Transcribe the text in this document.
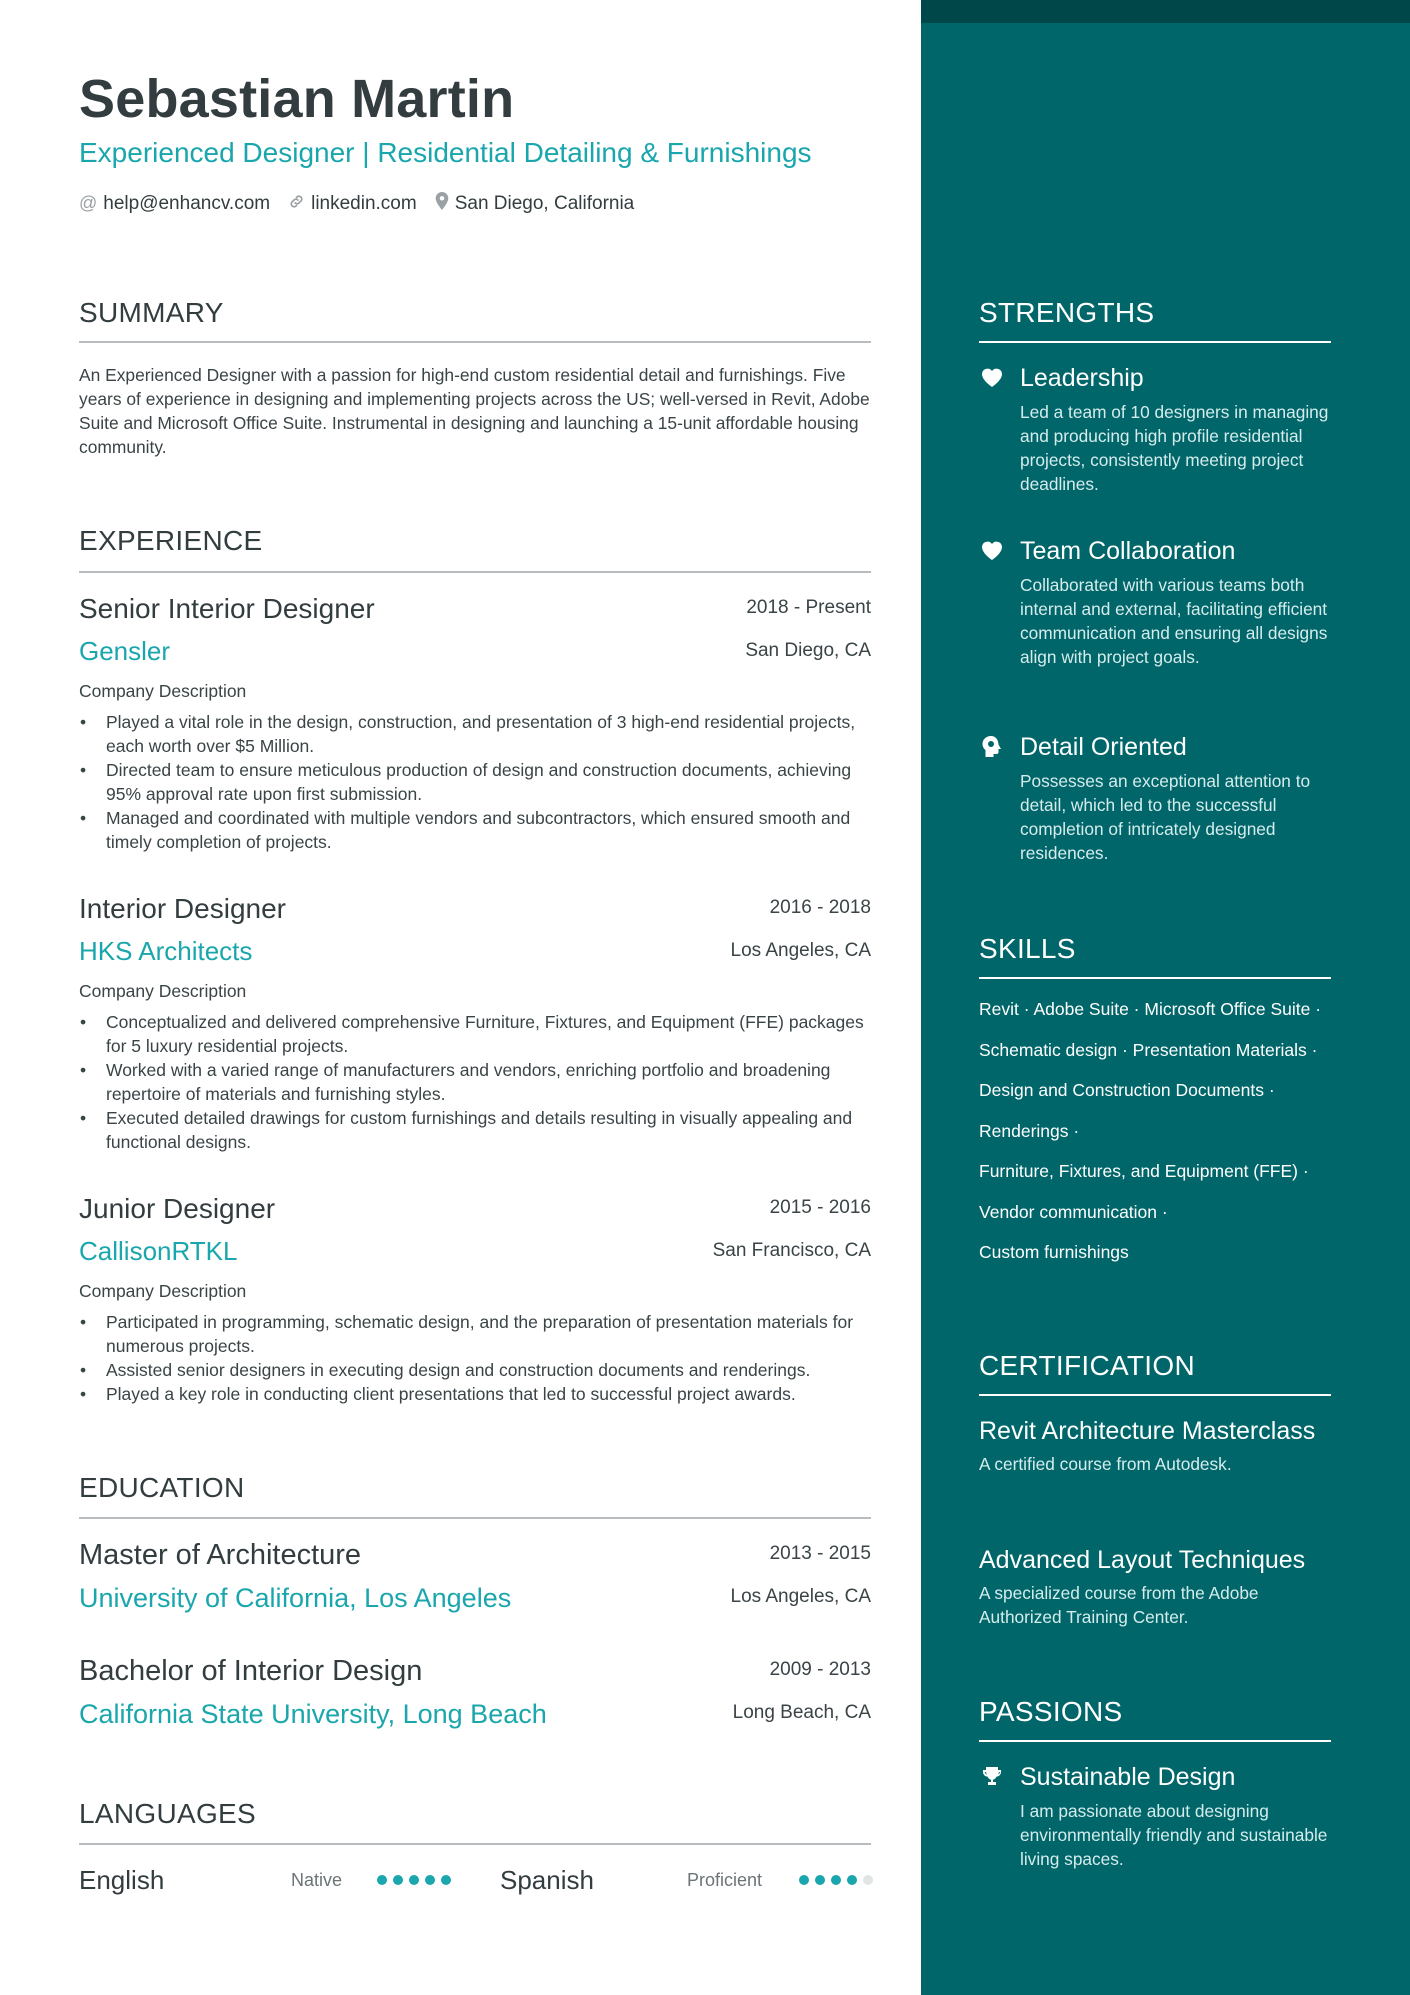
Sebastian Martin
Experienced Designer | Residential Detailing & Furnishings
@ help@enhancv.com linkedin.com San Diego, California
SUMMARY
An Experienced Designer with a passion for high-end custom residential detail and furnishings. Five years of experience in designing and implementing projects across the US; well-versed in Revit, Adobe Suite and Microsoft Office Suite. Instrumental in designing and launching a 15-unit affordable housing community.
EXPERIENCE
Senior Interior Designer	2018 - Present
Gensler	San Diego, CA
Company Description
• Played a vital role in the design, construction, and presentation of 3 high-end residential projects, each worth over $5 Million.
• Directed team to ensure meticulous production of design and construction documents, achieving 95% approval rate upon first submission.
• Managed and coordinated with multiple vendors and subcontractors, which ensured smooth and timely completion of projects.
Interior Designer	2016 - 2018
HKS Architects	Los Angeles, CA
Company Description
• Conceptualized and delivered comprehensive Furniture, Fixtures, and Equipment (FFE) packages for 5 luxury residential projects.
• Worked with a varied range of manufacturers and vendors, enriching portfolio and broadening repertoire of materials and furnishing styles.
• Executed detailed drawings for custom furnishings and details resulting in visually appealing and functional designs.
Junior Designer	2015 - 2016
CallisonRTKL	San Francisco, CA
Company Description
• Participated in programming, schematic design, and the preparation of presentation materials for numerous projects.
• Assisted senior designers in executing design and construction documents and renderings.
• Played a key role in conducting client presentations that led to successful project awards.
EDUCATION
Master of Architecture	2013 - 2015
University of California, Los Angeles	Los Angeles, CA
Bachelor of Interior Design	2009 - 2013
California State University, Long Beach	Long Beach, CA
LANGUAGES
English	Native	Spanish	Proficient
STRENGTHS
Leadership
Led a team of 10 designers in managing and producing high profile residential projects, consistently meeting project deadlines.
Team Collaboration
Collaborated with various teams both internal and external, facilitating efficient communication and ensuring all designs align with project goals.
Detail Oriented
Possesses an exceptional attention to detail, which led to the successful completion of intricately designed residences.
SKILLS
Revit · Adobe Suite · Microsoft Office Suite ·
Schematic design · Presentation Materials ·
Design and Construction Documents ·
Renderings ·
Furniture, Fixtures, and Equipment (FFE) ·
Vendor communication ·
Custom furnishings
CERTIFICATION
Revit Architecture Masterclass
A certified course from Autodesk.
Advanced Layout Techniques
A specialized course from the Adobe Authorized Training Center.
PASSIONS
Sustainable Design
I am passionate about designing environmentally friendly and sustainable living spaces.
